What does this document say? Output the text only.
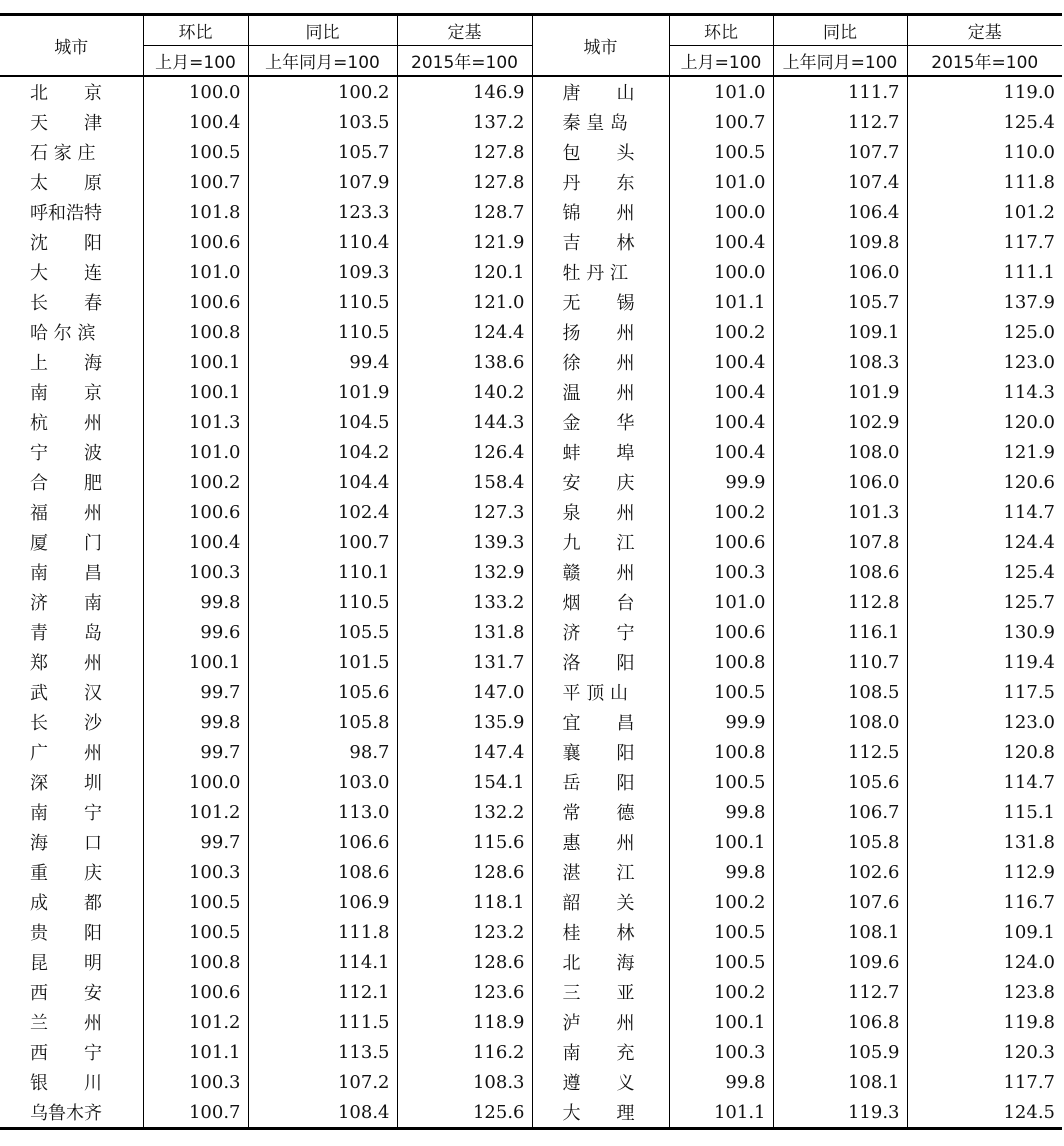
城市	环比	同比	定基	城市	环比	同比	定基
	上月=100	上年同月=100	2015年=100		上月=100	上年同月=100	2015年=100

北　　京	100.0	100.2	146.9	唐　　山	101.0	111.7	119.0

天　　津	100.4	103.5	137.2	秦 皇 岛	100.7	112.7	125.4

石 家 庄	100.5	105.7	127.8	包　　头	100.5	107.7	110.0

太　　原	100.7	107.9	127.8	丹　　东	101.0	107.4	111.8

呼和浩特	101.8	123.3	128.7	锦　　州	100.0	106.4	101.2

沈　　阳	100.6	110.4	121.9	吉　　林	100.4	109.8	117.7

大　　连	101.0	109.3	120.1	牡 丹 江	100.0	106.0	111.1

长　　春	100.6	110.5	121.0	无　　锡	101.1	105.7	137.9

哈 尔 滨	100.8	110.5	124.4	扬　　州	100.2	109.1	125.0

上　　海	100.1	99.4	138.6	徐　　州	100.4	108.3	123.0

南　　京	100.1	101.9	140.2	温　　州	100.4	101.9	114.3

杭　　州	101.3	104.5	144.3	金　　华	100.4	102.9	120.0

宁　　波	101.0	104.2	126.4	蚌　　埠	100.4	108.0	121.9

合　　肥	100.2	104.4	158.4	安　　庆	99.9	106.0	120.6

福　　州	100.6	102.4	127.3	泉　　州	100.2	101.3	114.7

厦　　门	100.4	100.7	139.3	九　　江	100.6	107.8	124.4

南　　昌	100.3	110.1	132.9	赣　　州	100.3	108.6	125.4

济　　南	99.8	110.5	133.2	烟　　台	101.0	112.8	125.7

青　　岛	99.6	105.5	131.8	济　　宁	100.6	116.1	130.9

郑　　州	100.1	101.5	131.7	洛　　阳	100.8	110.7	119.4

武　　汉	99.7	105.6	147.0	平 顶 山	100.5	108.5	117.5

长　　沙	99.8	105.8	135.9	宜　　昌	99.9	108.0	123.0

广　　州	99.7	98.7	147.4	襄　　阳	100.8	112.5	120.8

深　　圳	100.0	103.0	154.1	岳　　阳	100.5	105.6	114.7

南　　宁	101.2	113.0	132.2	常　　德	99.8	106.7	115.1

海　　口	99.7	106.6	115.6	惠　　州	100.1	105.8	131.8

重　　庆	100.3	108.6	128.6	湛　　江	99.8	102.6	112.9

成　　都	100.5	106.9	118.1	韶　　关	100.2	107.6	116.7

贵　　阳	100.5	111.8	123.2	桂　　林	100.5	108.1	109.1

昆　　明	100.8	114.1	128.6	北　　海	100.5	109.6	124.0

西　　安	100.6	112.1	123.6	三　　亚	100.2	112.7	123.8

兰　　州	101.2	111.5	118.9	泸　　州	100.1	106.8	119.8

西　　宁	101.1	113.5	116.2	南　　充	100.3	105.9	120.3

银　　川	100.3	107.2	108.3	遵　　义	99.8	108.1	117.7

乌鲁木齐	100.7	108.4	125.6	大　　理	101.1	119.3	124.5
